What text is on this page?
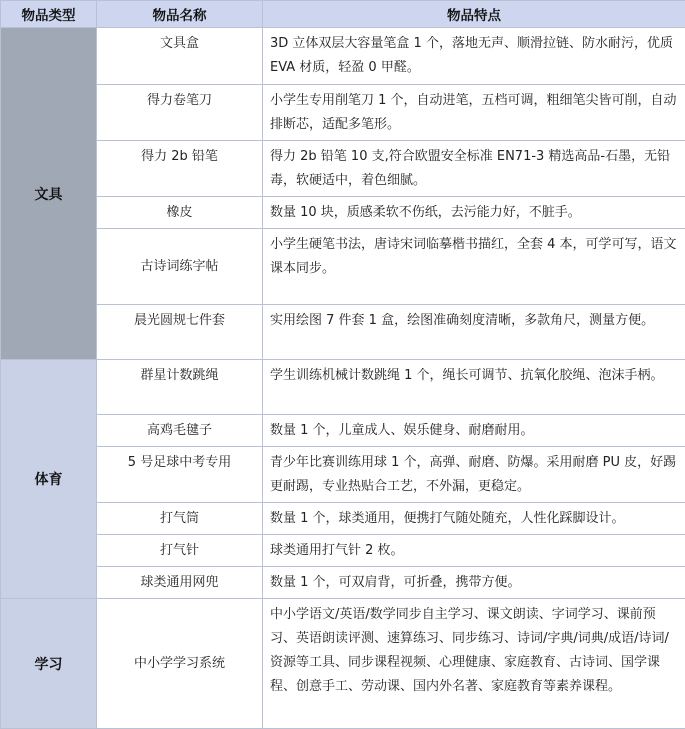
物品类型	物品名称	物品特点
文具	文具盒	3D 立体双层大容量笔盒 1 个，落地无声、顺滑拉链、防水耐污，优质 EVA 材质，轻盈 0 甲醛。
	得力卷笔刀	小学生专用削笔刀 1 个，自动进笔，五档可调，粗细笔尖皆可削，自动排断芯，适配多笔形。
	得力 2b 铅笔	得力 2b 铅笔 10 支,符合欧盟安全标准 EN71-3 精选高品-石墨，无铅毒，软硬适中，着色细腻。
	橡皮	数量 10 块，质感柔软不伤纸，去污能力好，不脏手。
	古诗词练字帖	小学生硬笔书法，唐诗宋词临摹楷书描红，全套 4 本，可学可写，语文课本同步。
	晨光圆规七件套	实用绘图 7 件套 1 盒，绘图准确刻度清晰，多款角尺，测量方便。
体育	群星计数跳绳	学生训练机械计数跳绳 1 个，绳长可调节、抗氧化胶绳、泡沫手柄。
	高鸡毛毽子	数量 1 个，儿童成人、娱乐健身、耐磨耐用。
	5 号足球中考专用	青少年比赛训练用球 1 个，高弹、耐磨、防爆。采用耐磨 PU 皮，好踢更耐踢，专业热贴合工艺，不外漏，更稳定。
	打气筒	数量 1 个，球类通用，便携打气随处随充，人性化踩脚设计。
	打气针	球类通用打气针 2 枚。
	球类通用网兜	数量 1 个，可双肩背，可折叠，携带方便。
学习	中小学学习系统	中小学语文/英语/数学同步自主学习、课文朗读、字词学习、课前预习、英语朗读评测、速算练习、同步练习、诗词/字典/词典/成语/诗词/资源等工具、同步课程视频、心理健康、家庭教育、古诗词、国学课程、创意手工、劳动课、国内外名著、家庭教育等素养课程。
